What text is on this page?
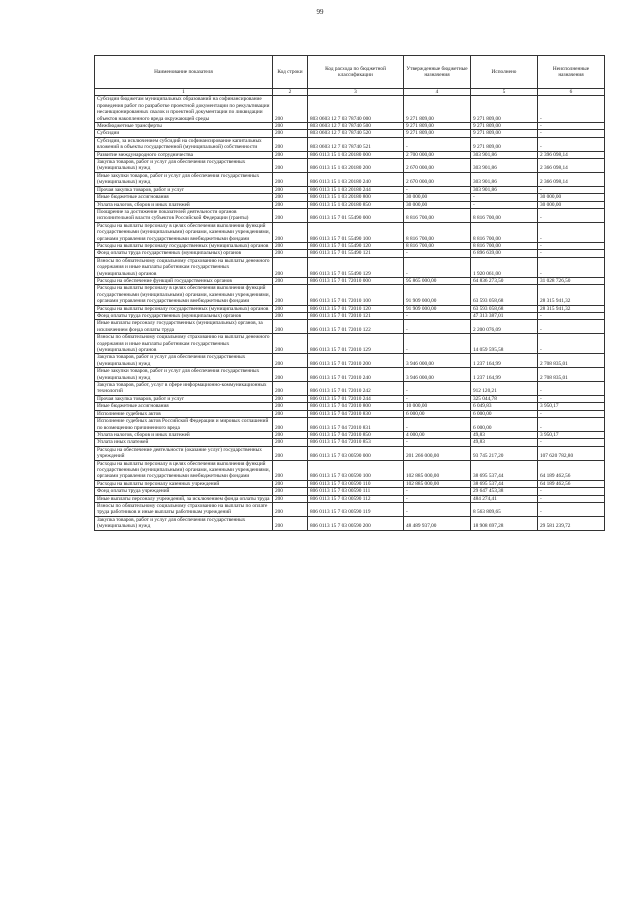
99
Наименование показателя	Код строки	Код расхода по бюджетной классификации	Утвержденные бюджетные назначения	Исполнено	Неисполненные назначения
1	2	3	4	5	6
Субсидии бюджетам муниципальных образований на софинансирование проведения работ по разработке проектной документации по рекультивации несанкционированных свалок и проектной документации по ликвидации объектов накопленного вреда окружающей среды	200	803 0603 12 7 03 78740 000	9 271 809,00	9 271 809,00	-
Межбюджетные трансферты	200	803 0603 12 7 03 78740 500	9 271 809,00	9 271 809,00	-
Субсидии	200	803 0603 12 7 03 78740 520	9 271 809,00	9 271 809,00	-
Субсидии, за исключением субсидий на софинансирование капитальных вложений в объекты государственной (муниципальной) собственности	200	803 0603 12 7 03 78740 521	-	9 271 809,00	-
Развитие международного сотрудничества	200	806 0113 15 1 03 20180 000	2 700 000,00	303 901,86	2 396 098,14
Закупка товаров, работ и услуг для обеспечения государственных (муниципальных) нужд	200	806 0113 15 1 03 20180 200	2 670 000,00	303 901,86	2 366 098,14
Иные закупки товаров, работ и услуг для обеспечения государственных (муниципальных) нужд	200	806 0113 15 1 03 20180 240	2 670 000,00	303 901,86	2 366 098,14
Прочая закупка товаров, работ и услуг	200	806 0113 15 1 03 20180 244	-	303 901,86	-
Иные бюджетные ассигнования	200	806 0113 15 1 03 20180 800	30 000,00	-	30 000,00
Уплата налогов, сборов и иных платежей	200	806 0113 15 1 03 20180 850	30 000,00	-	30 000,00
Поощрение за достижение показателей деятельности органов исполнительной власти субъектов Российской Федерации (гранты)	200	806 0113 15 7 01 55490 000	8 816 700,00	8 816 700,00	-
Расходы на выплаты персоналу в целях обеспечения выполнения функций государственными (муниципальными) органами, казенными учреждениями, органами управления государственными внебюджетными фондами	200	806 0113 15 7 01 55490 100	8 816 700,00	8 816 700,00	-
Расходы на выплаты персоналу государственных (муниципальных) органов	200	806 0113 15 7 01 55490 120	8 816 700,00	8 816 700,00	-
Фонд оплаты труда государственных (муниципальных) органов	200	806 0113 15 7 01 55490 121	-	6 896 639,00	-
Взносы по обязательному социальному страхованию на выплаты денежного содержания и иные выплаты работникам государственных (муниципальных) органов	200	806 0113 15 7 01 55490 129	-	1 920 061,00	-
Расходы на обеспечение функций государственных органов	200	806 0113 15 7 01 72010 000	95 865 000,00	64 836 273,50	31 028 726,50
Расходы на выплаты персоналу в целях обеспечения выполнения функций государственными (муниципальными) органами, казенными учреждениями, органами управления государственными внебюджетными фондами	200	806 0113 15 7 01 72010 100	91 909 000,00	63 593 058,68	28 315 941,32
Расходы на выплаты персоналу государственных (муниципальных) органов	200	806 0113 15 7 01 72010 120	91 909 000,00	63 593 058,68	28 315 941,32
Фонд оплаты труда государственных (муниципальных) органов	200	806 0113 15 7 01 72010 121	-	47 313 387,01	-
Иные выплаты персоналу государственных (муниципальных) органов, за исключением фонда оплаты труда	200	806 0113 15 7 01 72010 122	-	2 200 076,09	-
Взносы по обязательному социальному страхованию на выплаты денежного содержания и иные выплаты работникам государственных (муниципальных) органов	200	806 0113 15 7 01 72010 129	-	14 059 595,58	-
Закупка товаров, работ и услуг для обеспечения государственных (муниципальных) нужд	200	806 0113 15 7 01 72010 200	3 946 000,00	1 237 164,99	2 708 835,01
Иные закупки товаров, работ и услуг для обеспечения государственных (муниципальных) нужд	200	806 0113 15 7 01 72010 240	3 946 000,00	1 237 164,99	2 708 835,01
Закупка товаров, работ, услуг в сфере информационно-коммуникационных технологий	200	806 0113 15 7 01 72010 242	-	912 120,21	-
Прочая закупка товаров, работ и услуг	200	806 0113 15 7 01 72010 244	-	325 044,78	-
Иные бюджетные ассигнования	200	806 0113 15 7 04 72010 800	10 000,00	6 049,83	3 950,17
Исполнение судебных актов	200	806 0113 15 7 04 72010 830	6 000,00	6 000,00	-
Исполнение судебных актов Российской Федерации и мировых соглашений по возмещению причиненного вреда	200	806 0113 15 7 04 72010 831	-	6 000,00	-
Уплата налогов, сборов и иных платежей	200	806 0113 15 7 04 72010 850	4 000,00	49,83	3 950,17
Уплата иных платежей	200	806 0113 15 7 04 72010 853	-	49,83	-
Расходы на обеспечение деятельности (оказание услуг) государственных учреждений	200	806 0113 15 7 03 00590 000	201 266 000,00	93 745 217,20	107 620 782,80
Расходы на выплаты персоналу в целях обеспечения выполнения функций государственными (муниципальными) органами, казенными учреждениями, органами управления государственными внебюджетными фондами	200	806 0113 15 7 03 00590 100	102 885 000,00	38 695 537,44	64 189 462,56
Расходы на выплаты персоналу казенных учреждений	200	806 0113 15 7 03 00590 110	102 885 000,00	38 695 537,44	64 189 462,56
Фонд оплаты труда учреждений	200	806 0113 15 7 03 00590 111	-	29 647 453,38	-
Иные выплаты персоналу учреждений, за исключением фонда оплаты труда	200	806 0113 15 7 03 00590 112	-	484 274,41	-
Взносы по обязательному социальному страхованию на выплаты по оплате труда работников и иные выплаты работникам учреждений	200	806 0113 15 7 03 00590 119	-	8 563 809,65	-
Закупка товаров, работ и услуг для обеспечения государственных (муниципальных) нужд	200	806 0113 15 7 03 00590 200	48 489 937,00	18 908 697,28	29 581 239,72
